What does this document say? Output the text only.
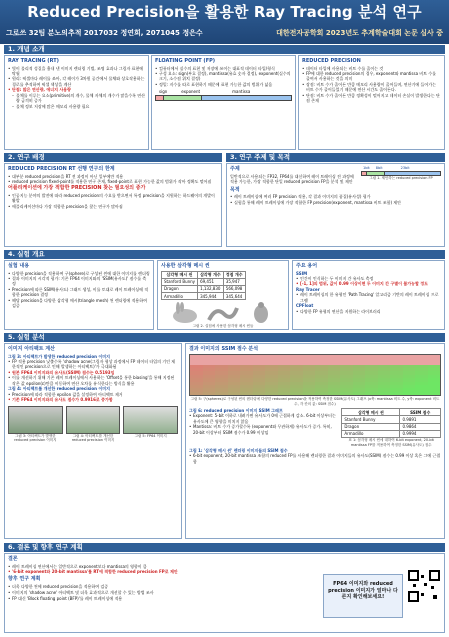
Reduced Precision을 활용한 Ray Tracing 분석 연구
그로쓰 32팀 분노의추적 2017032 정연희, 2071045 정은수	대한전자공학회 2023년도 추계학술대회 논문 심사 중
1. 개념 소개
RAY TRACING (RT)
• 빛이 물리적 성질을 흉내 낸 이미지 렌더링 기법, 조명 효과나 그림자 표현에 탁월
• 원리: 픽셀마다 레이를 쏘아, 각 레이가 3차원 공간에서 물체와 상호작용하는 경로를 추적하여 픽셀 색상을 계산
• 단점: 많은 연산량, 에너지 사용량
– 물체를 이루는 요소(primitive)의 개수, 물체 자체의 개수가 많을수록 연산량 급격히 증가
– 물체 정보 저장에 많은 메모리 사용량 필요
FLOATING POINT (FP)
• 컴퓨터에서 실수의 표현 및 저장에 쓰이는 대표적 데이터 타입/형식
• 구성 요소: sign(부호 결정), mantissa(유효 숫자 결정), exponent(실수의 크기, 소수점 위치 결정)
• 정밀: 지수를 따로 표현하기 때문에 표현 가능한 값의 범위가 넓음
sign	exponent	mantissa
REDUCED PRECISION
• 데이터 타입에 사용되는 비트 수를 줄이는 것
• FP에 대한 reduced precision의 경우, exponent와 mantissa 비트 수를 줄여서 사용하는 것을 의미
• 장점: 비트 수가 줄어든 만큼 메모리 사용량이 줄어들며, 연산기에 들어가는 비트 수가 줄어들었기 때문에 연산 시간도 줄어든다.
• 단점: 비트 수가 줄어든 만큼 정확성이 떨어지고 데이터 손실이 발생한다는 단점 존재
2. 연구 배경	3. 연구 주제 및 목적
REDUCED PRECISION RT 선행 연구의 한계
• 대부분 reduced precision을 RT 전 과정이 아닌 일부에만 적용
• reduced precision fixed-point를 적용한 연구 존재, fixed-point로 표현 가능한 값의 범위가 작아 정확도 떨어짐
어플리케이션에 가장 적합한 PRECISION 찾는 필요성의 증가
• 인공지능 분야의 발전에 따라 reduced precision의 수요를 받으면서 특정 precision을 지원하는 하드웨어의 개발이 활발
• 애플리케이션마다 가장 적합한 precision을 찾는 연구가 많아짐
주제
일반적으로 사용되는 FP32, FP64를 대신하여 레이 트레이싱 전 과정에 적용 가능한, 가장 적합한 단일 reduced precision FP을 분석 및 제안
1bit 8bit	23bit
그림 1. 제안하는 reduced precision FP
목적
• 레이 트레이싱에 여러 FP precision 적용, 각 결과 이미지의 품질(유사성) 평가
• 실험을 통해 레이 트레이싱에 가장 적합한 FP precision(exponent, mantissa 비트 조합) 제안
4. 실험 개요
실험 내용
• 다양한 precision을 적용하여 구(sphere)로 구성된 씬에 대한 이미지를 렌더링
• 결과 이미지의 시각적 평가: 기존 FP64 이미지와의 'SSIM(유사도)' 점수를 측정
• Precision에 따른 SSIM(유사도) 그래프 생성, 이를 토대로 레이 트레이싱에 적합한 precision 결정
• 해당 precision을 다양한 삼각형 메시(triangle mesh) 씬 렌더링에 적용하여 검증
사용한 삼각형 메시 씬
삼각형 메시 씬	삼각형 개수	정점 개수
Stanford Bunny	69,451	35,947
Dragon	1,132,830	566,098
Armadillo	345,944	345,644
그림 2. 실험에 사용한 삼각형 메시 씬들
주요 용어
SSIM
• 인간이 인식하는 두 이미지 간 유사도 측정
• [-1, 1]의 범위, 값이 0.99 이상이면 두 이미지 간 구별이 불가능할 정도
Ray Tracer
• 레이 트레이싱의 한 유형인 'Path Tracing' 알고리즘 기반의 레이 트레이싱 프로그램
CPFloat
• 다양한 FP 유형의 연산을 지원하는 라이브러리
5. 실험 분석
이미지 아티팩트 계산
그림 3: 아티팩트가 발생한 reduced precision 이미지
• FP 적용 precision 낮출수록 'shadow acne(그림자 형상 과정에서 FP 데이터 타입의 기인 제한적인 precision으로 인해 발생하는 아티팩트)'가 극대화됨
• 원본 FP64 이미지와의 유사도(SSIM) 점수는 0.5193임
• 이를 개선하기 위해 기존 레이 트레이싱에서 사용하는 'Offset을 통한 biasing'을 통해 지정된 작은 값 epsilon(ε)만큼 이동하여 연산 오차를 유식한다는 방식을 활용
그림 4: 아티팩트를 개선한 reduced precision 이미지
• Precision에 따라 적합한 epsilon 값을 설정하여 아티팩트 제거
• 기존 FP64 이미지와의 유사도 점수가 0.9916로 증가함
그림 3: 아티팩트가 발생한 reduced precision 이미지
그림 4: 아티팩트를 개선한 reduced precision 이미지
그림 5: FP64 이미지
결과 이미지의 SSIM 점수 분석
그림 5: 구(spheres)로 구성된 씬의 렌더링에 다양한 reduced precision을 적용하여 측정한 SSIM(유사도) 그래프 (x축: mantissa 비트 수, y축: exponent 비트 수, 각 칸의 값: SSIM 점수)
그림 6: reduced precision 이미지 SSIM 그래프
• Exponent: 5-bit 이하로 내려가면 유사도가 0에 근접하게 감소. 6-bit 이상부터는 유사도에 큰 영향을 미치지 않음
• Mantissa: 비트 수가 증가할수록 (exponent와 무관하게) 유사도가 증가. 특히, 20-bit 이상부터 SSIM 점수가 0.99 이상임
삼각형 메시 씬	SSIM 점수
Stanford Bunny	0.9891
Dragon	0.9864
Armadillo	0.9994
표 1: 삼각형 메시 씬에 대하여 6-bit exponent, 20-bit mantissa FP를 적용하여 측정한 SSIM(유사도) 점수
그림 1: '삼각형 메시 씬' 렌더링 이미지들의 SSIM 점수
• 6-bit exponent, 20-bit mantissa 조합의 reduced FP를 사용해 렌더링한 결과 이미지들의 유사도(SSIM) 점수는 0.99 이상 혹은 그에 근접함
6. 결론 및 향후 연구 계획
결론
• 레이 트레이싱 연산에서는 일반적으로 exponent보다 mantissa의 영향이 큼
• '6-bit exponent와 20-bit mantissa'를 RT에 적합한 reduced precision FP로 제안
향후 연구 계획
• 더욱 다양한 씬에 reduced precision을 적용하여 검증
• 이미지의 'shadow acne' 아티팩트 및 더욱 효과적으로 개선할 수 있는 방법 조사
• FP 대신 'Block floating point (BFP)'를 레이 트레이싱에 적용
FP64 이미지와 reduced precision 이미지가 얼마나 다른지 확인해보세요!
